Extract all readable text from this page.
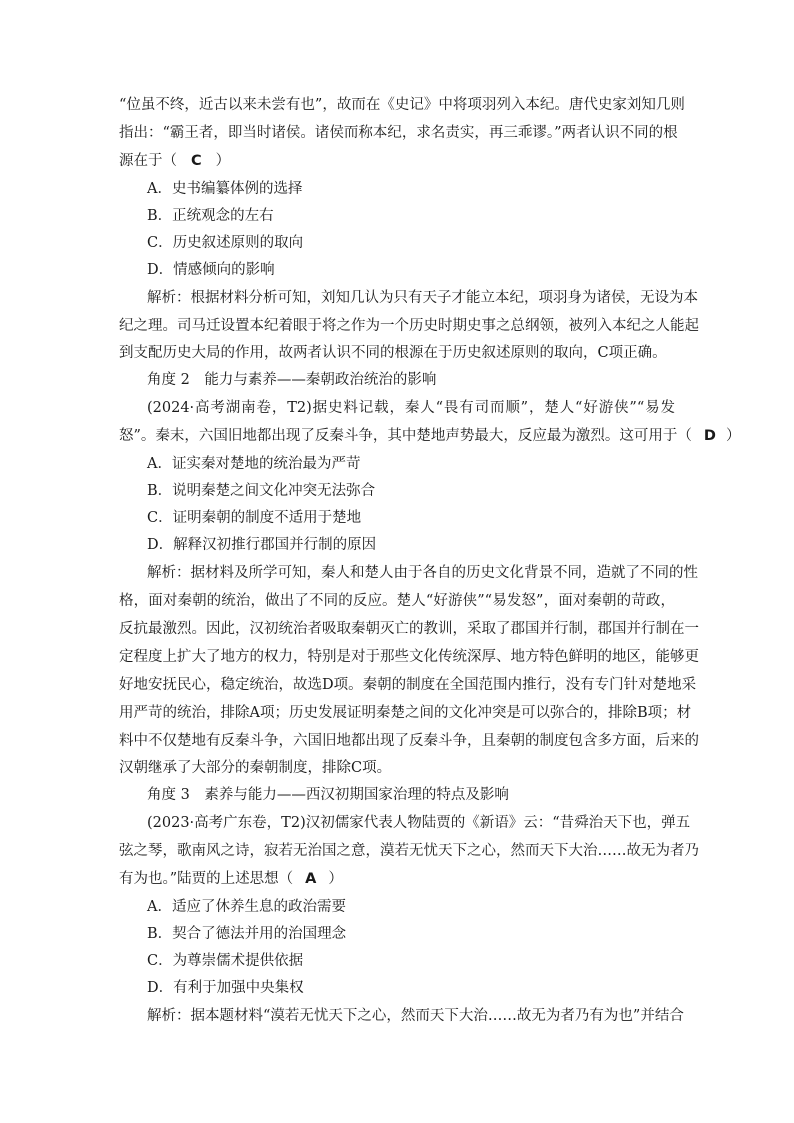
“位虽不终，近古以来未尝有也”，故而在《史记》中将项羽列入本纪。唐代史家刘知几则
指出：“霸王者，即当时诸侯。诸侯而称本纪，求名责实，再三乖谬。”两者认识不同的根
源在于（ C ）
A．史书编纂体例的选择
B．正统观念的左右
C．历史叙述原则的取向
D．情感倾向的影响
解析：根据材料分析可知，刘知几认为只有天子才能立本纪，项羽身为诸侯，无设为本
纪之理。司马迁设置本纪着眼于将之作为一个历史时期史事之总纲领，被列入本纪之人能起
到支配历史大局的作用，故两者认识不同的根源在于历史叙述原则的取向，C项正确。
角度 2　能力与素养——秦朝政治统治的影响
(2024·高考湖南卷，T2)据史料记载，秦人“畏有司而顺”，楚人“好游侠”“易发
怒”。秦末，六国旧地都出现了反秦斗争，其中楚地声势最大，反应最为激烈。这可用于（ D ）
A．证实秦对楚地的统治最为严苛
B．说明秦楚之间文化冲突无法弥合
C．证明秦朝的制度不适用于楚地
D．解释汉初推行郡国并行制的原因
解析：据材料及所学可知，秦人和楚人由于各自的历史文化背景不同，造就了不同的性
格，面对秦朝的统治，做出了不同的反应。楚人“好游侠”“易发怒”，面对秦朝的苛政，
反抗最激烈。因此，汉初统治者吸取秦朝灭亡的教训，采取了郡国并行制，郡国并行制在一
定程度上扩大了地方的权力，特别是对于那些文化传统深厚、地方特色鲜明的地区，能够更
好地安抚民心，稳定统治，故选D项。秦朝的制度在全国范围内推行，没有专门针对楚地采
用严苛的统治，排除A项；历史发展证明秦楚之间的文化冲突是可以弥合的，排除B项；材
料中不仅楚地有反秦斗争，六国旧地都出现了反秦斗争，且秦朝的制度包含多方面，后来的
汉朝继承了大部分的秦朝制度，排除C项。
角度 3　素养与能力——西汉初期国家治理的特点及影响
(2023·高考广东卷，T2)汉初儒家代表人物陆贾的《新语》云：“昔舜治天下也，弹五
弦之琴，歌南风之诗，寂若无治国之意，漠若无忧天下之心，然而天下大治……故无为者乃
有为也。”陆贾的上述思想（ A ）
A．适应了休养生息的政治需要
B．契合了德法并用的治国理念
C．为尊崇儒术提供依据
D．有利于加强中央集权
解析：据本题材料“漠若无忧天下之心，然而天下大治……故无为者乃有为也”并结合
